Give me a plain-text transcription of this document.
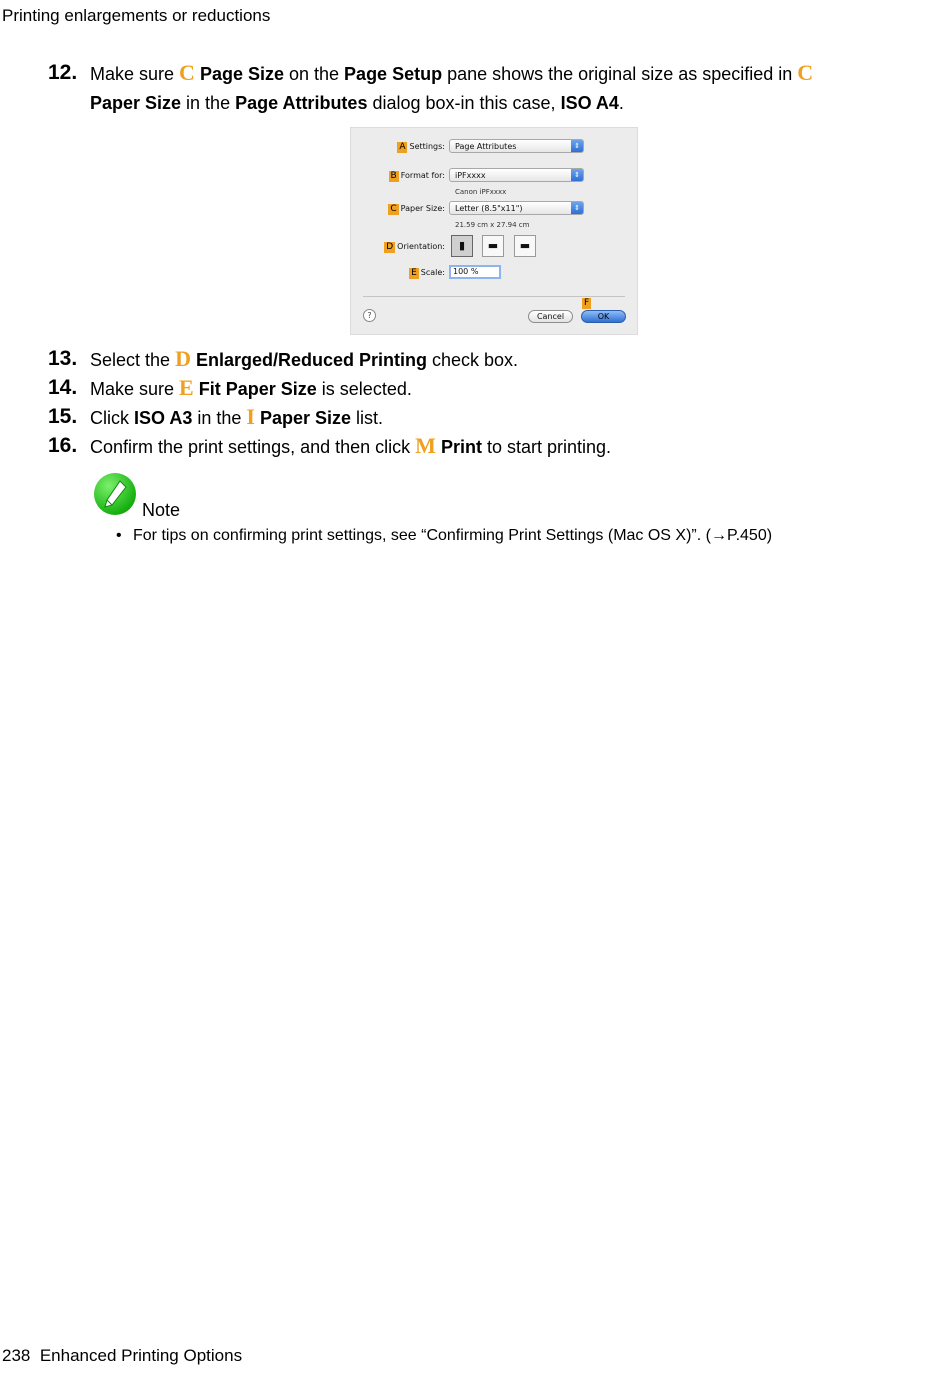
Printing enlargements or reductions
12. Make sure C Page Size on the Page Setup pane shows the original size as specified in C
Paper Size in the Page Attributes dialog box-in this case, ISO A4.
A Settings: Page Attributes	⇕
B Format for: iPFxxxx	⇕
Canon iPFxxxx
C Paper Size: Letter (8.5"x11")	⇕
21.59 cm x 27.94 cm
D Orientation:	▮	▬	▬
E Scale:	100 %
F
?	Cancel	OK
13. Select the D Enlarged/Reduced Printing check box.
14. Make sure E Fit Paper Size is selected.
15. Click ISO A3 in the I Paper Size list.
16. Confirm the print settings, and then click M Print to start printing.
Note
• For tips on confirming print settings, see “Confirming Print Settings (Mac OS X)”. (→P.450)
238 Enhanced Printing Options
